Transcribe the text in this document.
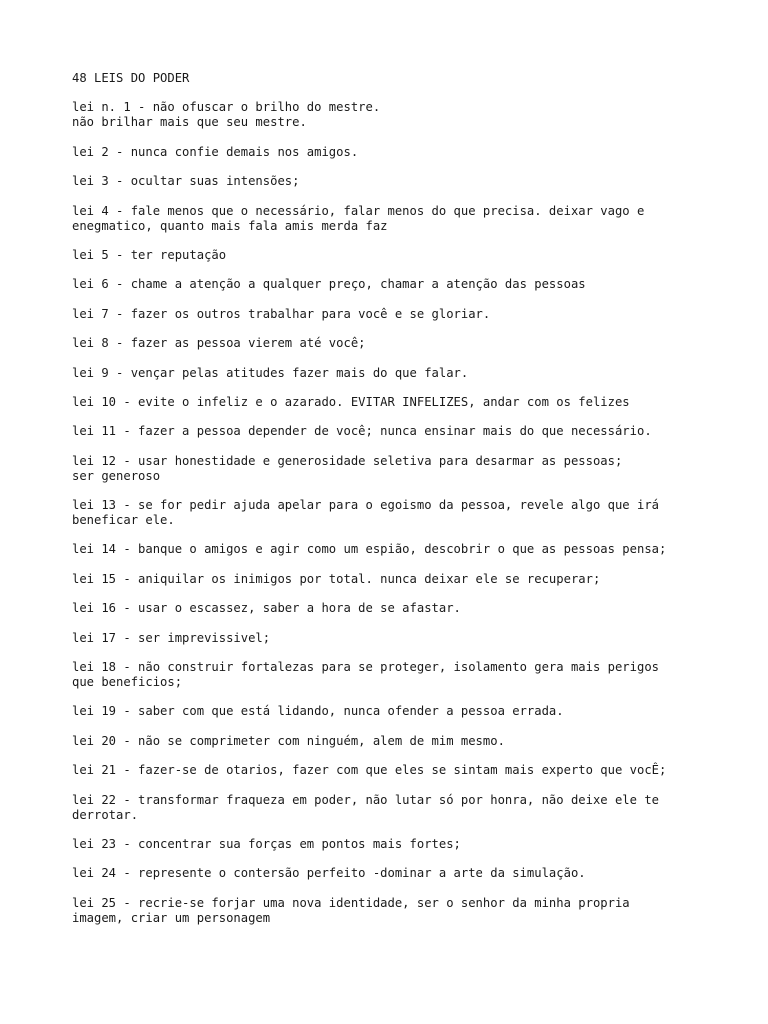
48 LEIS DO PODER
lei n. 1 - não ofuscar o brilho do mestre.
não brilhar mais que seu mestre.
lei 2 - nunca confie demais nos amigos.
lei 3 - ocultar suas intensões;
lei 4 - fale menos que o necessário, falar menos do que precisa. deixar vago e
enegmatico, quanto mais fala amis merda faz
lei 5 - ter reputação
lei 6 - chame a atenção a qualquer preço, chamar a atenção das pessoas
lei 7 - fazer os outros trabalhar para você e se gloriar.
lei 8 - fazer as pessoa vierem até você;
lei 9 - vençar pelas atitudes fazer mais do que falar.
lei 10 - evite o infeliz e o azarado. EVITAR INFELIZES, andar com os felizes
lei 11 - fazer a pessoa depender de você; nunca ensinar mais do que necessário.
lei 12 - usar honestidade e generosidade seletiva para desarmar as pessoas;
ser generoso
lei 13 - se for pedir ajuda apelar para o egoismo da pessoa, revele algo que irá
beneficar ele.
lei 14 - banque o amigos e agir como um espião, descobrir o que as pessoas pensa;
lei 15 - aniquilar os inimigos por total. nunca deixar ele se recuperar;
lei 16 - usar o escassez, saber a hora de se afastar.
lei 17 - ser imprevissivel;
lei 18 - não construir fortalezas para se proteger, isolamento gera mais perigos
que beneficios;
lei 19 - saber com que está lidando, nunca ofender a pessoa errada.
lei 20 - não se comprimeter com ninguém, alem de mim mesmo.
lei 21 - fazer-se de otarios, fazer com que eles se sintam mais experto que vocÊ;
lei 22 - transformar fraqueza em poder, não lutar só por honra, não deixe ele te
derrotar.
lei 23 - concentrar sua forças em pontos mais fortes;
lei 24 - represente o contersão perfeito -dominar a arte da simulação.
lei 25 - recrie-se forjar uma nova identidade, ser o senhor da minha propria
imagem, criar um personagem
